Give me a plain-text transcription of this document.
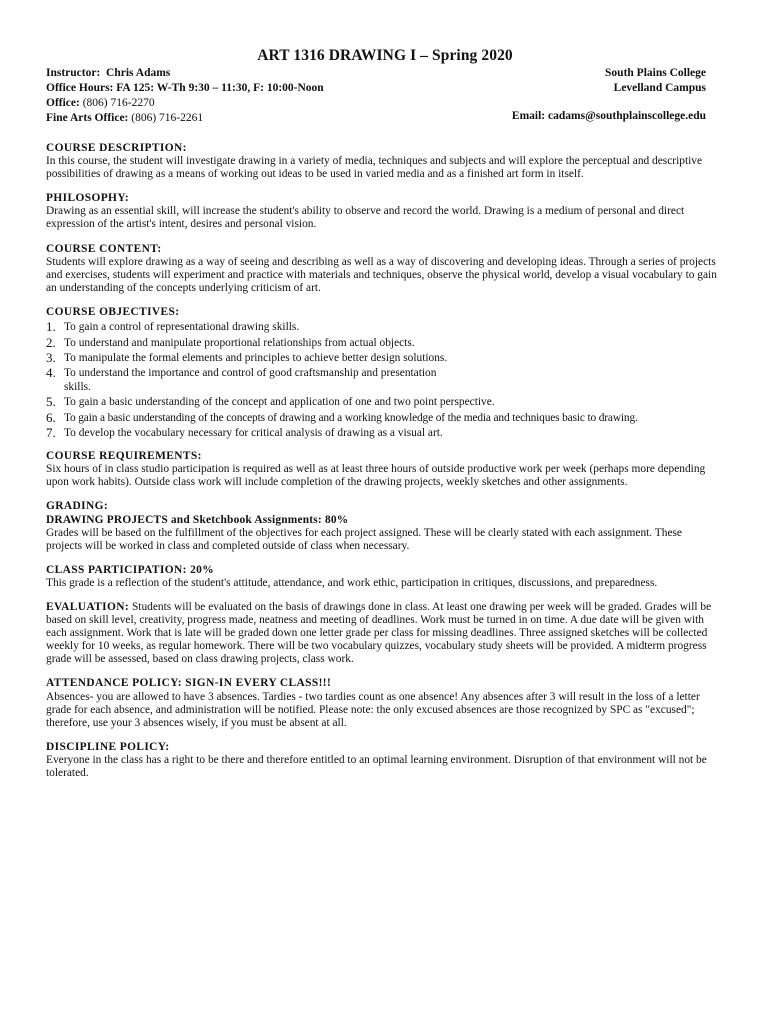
ART 1316 DRAWING I – Spring 2020
Instructor: Chris Adams
Office Hours: FA 125: W-Th 9:30 – 11:30, F: 10:00-Noon
Office: (806) 716-2270
Fine Arts Office: (806) 716-2261
South Plains College
Levelland Campus
Email: cadams@southplainscollege.edu
COURSE DESCRIPTION:
In this course, the student will investigate drawing in a variety of media, techniques and subjects and will explore the perceptual and descriptive possibilities of drawing as a means of working out ideas to be used in varied media and as a finished art form in itself.
PHILOSOPHY:
Drawing as an essential skill, will increase the student's ability to observe and record the world. Drawing is a medium of personal and direct expression of the artist's intent, desires and personal vision.
COURSE CONTENT:
Students will explore drawing as a way of seeing and describing as well as a way of discovering and developing ideas. Through a series of projects and exercises, students will experiment and practice with materials and techniques, observe the physical world, develop a visual vocabulary to gain an understanding of the concepts underlying criticism of art.
COURSE OBJECTIVES:
1. To gain a control of representational drawing skills.
2. To understand and manipulate proportional relationships from actual objects.
3. To manipulate the formal elements and principles to achieve better design solutions.
4. To understand the importance and control of good craftsmanship and presentation skills.
5. To gain a basic understanding of the concept and application of one and two point perspective.
6. To gain a basic understanding of the concepts of drawing and a working knowledge of the media and techniques basic to drawing.
7. To develop the vocabulary necessary for critical analysis of drawing as a visual art.
COURSE REQUIREMENTS:
Six hours of in class studio participation is required as well as at least three hours of outside productive work per week (perhaps more depending upon work habits). Outside class work will include completion of the drawing projects, weekly sketches and other assignments.
GRADING:
DRAWING PROJECTS and Sketchbook Assignments: 80%
Grades will be based on the fulfillment of the objectives for each project assigned. These will be clearly stated with each assignment. These projects will be worked in class and completed outside of class when necessary.
CLASS PARTICIPATION: 20%
This grade is a reflection of the student's attitude, attendance, and work ethic, participation in critiques, discussions, and preparedness.
EVALUATION: Students will be evaluated on the basis of drawings done in class. At least one drawing per week will be graded. Grades will be based on skill level, creativity, progress made, neatness and meeting of deadlines. Work must be turned in on time. A due date will be given with each assignment. Work that is late will be graded down one letter grade per class for missing deadlines. Three assigned sketches will be collected weekly for 10 weeks, as regular homework. There will be two vocabulary quizzes, vocabulary study sheets will be provided. A midterm progress grade will be assessed, based on class drawing projects, class work.
ATTENDANCE POLICY: SIGN-IN EVERY CLASS!!!
Absences- you are allowed to have 3 absences. Tardies - two tardies count as one absence! Any absences after 3 will result in the loss of a letter grade for each absence, and administration will be notified. Please note: the only excused absences are those recognized by SPC as "excused"; therefore, use your 3 absences wisely, if you must be absent at all.
DISCIPLINE POLICY:
Everyone in the class has a right to be there and therefore entitled to an optimal learning environment. Disruption of that environment will not be tolerated.
